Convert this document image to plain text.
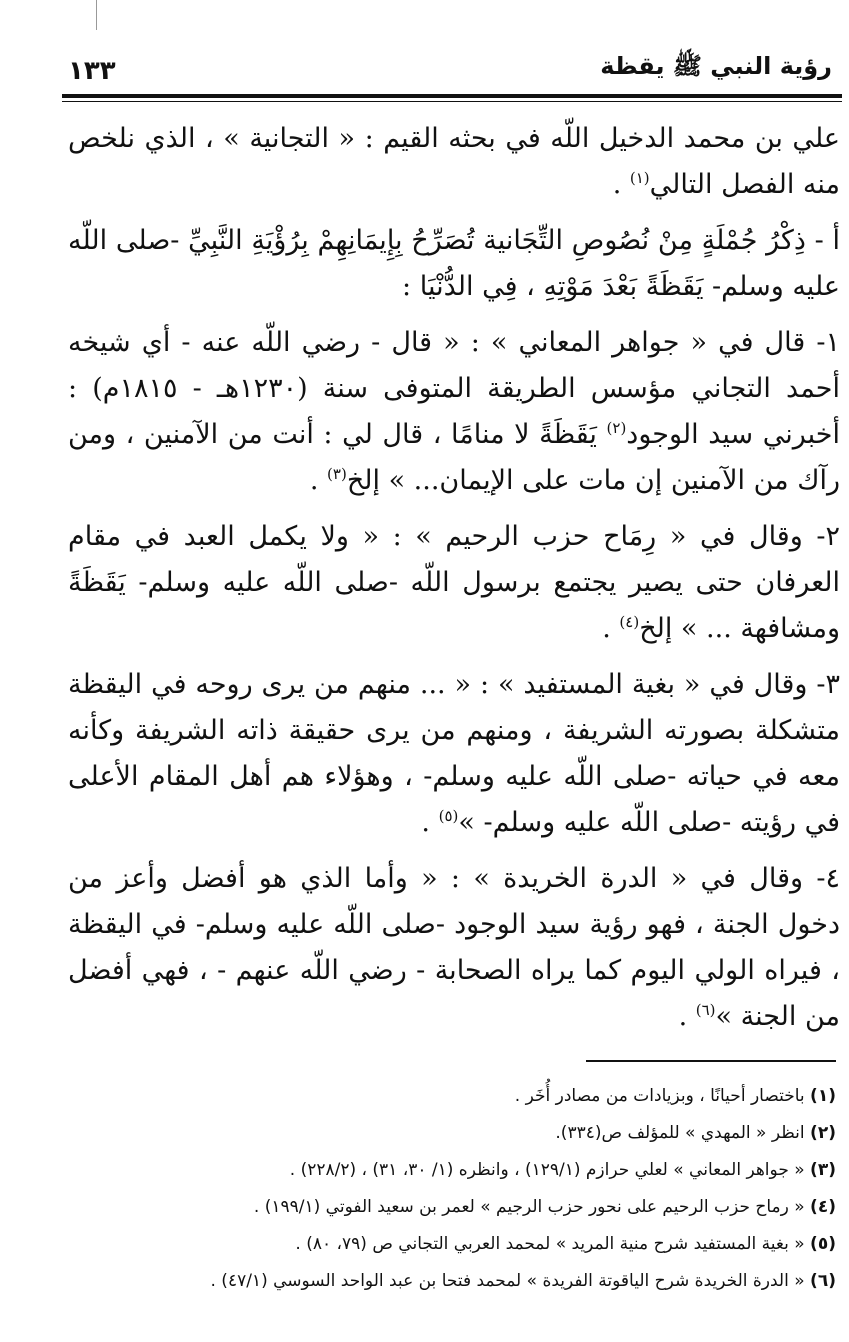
رؤية النبي ﷺ يقظة
١٣٣

علي بن محمد الدخيل اللّه في بحثه القيم : « التجانية » ، الذي نلخص منه الفصل التالي$^{(١)}$ .

أ - ذِكْرُ جُمْلَةٍ مِنْ نُصُوصِ التِّجَانية تُصَرِّحُ بِإِيمَانِهِمْ بِرُؤْيَةِ النَّبِيِّ -صلى اللّه عليه وسلم- يَقَظَةً بَعْدَ مَوْتِهِ ، فِي الدُّنْيَا :

١- قال في « جواهر المعاني » : « قال - رضي اللّه عنه - أي شيخه أحمد التجاني مؤسس الطريقة المتوفى سنة (١٢٣٠هـ - ١٨١٥م) : أخبرني سيد الوجود$^{(٢)}$ يَقَظَةً لا منامًا ، قال لي : أنت من الآمنين ، ومن رآك من الآمنين إن مات على الإيمان... » إلخ$^{(٣)}$ .

٢- وقال في « رِمَاح حزب الرحيم » : « ولا يكمل العبد في مقام العرفان حتى يصير يجتمع برسول اللّه -صلى اللّه عليه وسلم- يَقَظَةً ومشافهة ... » إلخ$^{(٤)}$ .

٣- وقال في « بغية المستفيد » : « ... منهم من يرى روحه في اليقظة متشكلة بصورته الشريفة ، ومنهم من يرى حقيقة ذاته الشريفة وكأنه معه في حياته -صلى اللّه عليه وسلم- ، وهؤلاء هم أهل المقام الأعلى في رؤيته -صلى اللّه عليه وسلم- »$^{(٥)}$ .

٤- وقال في « الدرة الخريدة » : « وأما الذي هو أفضل وأعز من دخول الجنة ، فهو رؤية سيد الوجود -صلى اللّه عليه وسلم- في اليقظة ، فيراه الولي اليوم كما يراه الصحابة - رضي اللّه عنهم - ، فهي أفضل من الجنة »$^{(٦)}$ .

(١) باختصار أحيانًا ، وبزيادات من مصادر أُخَر .
(٢) انظر « المهدي » للمؤلف ص(٣٣٤).
(٣) « جواهر المعاني » لعلي حرازم (١٢٩/١) ، وانظره (١/ ٣٠، ٣١) ، (٢٢٨/٢) .
(٤) « رماح حزب الرحيم على نحور حزب الرجيم » لعمر بن سعيد الفوتي (١٩٩/١) .
(٥) « بغية المستفيد شرح منية المريد » لمحمد العربي التجاني ص (٧٩، ٨٠) .
(٦) « الدرة الخريدة شرح الياقوتة الفريدة » لمحمد فتحا بن عبد الواحد السوسي (٤٧/١) .
